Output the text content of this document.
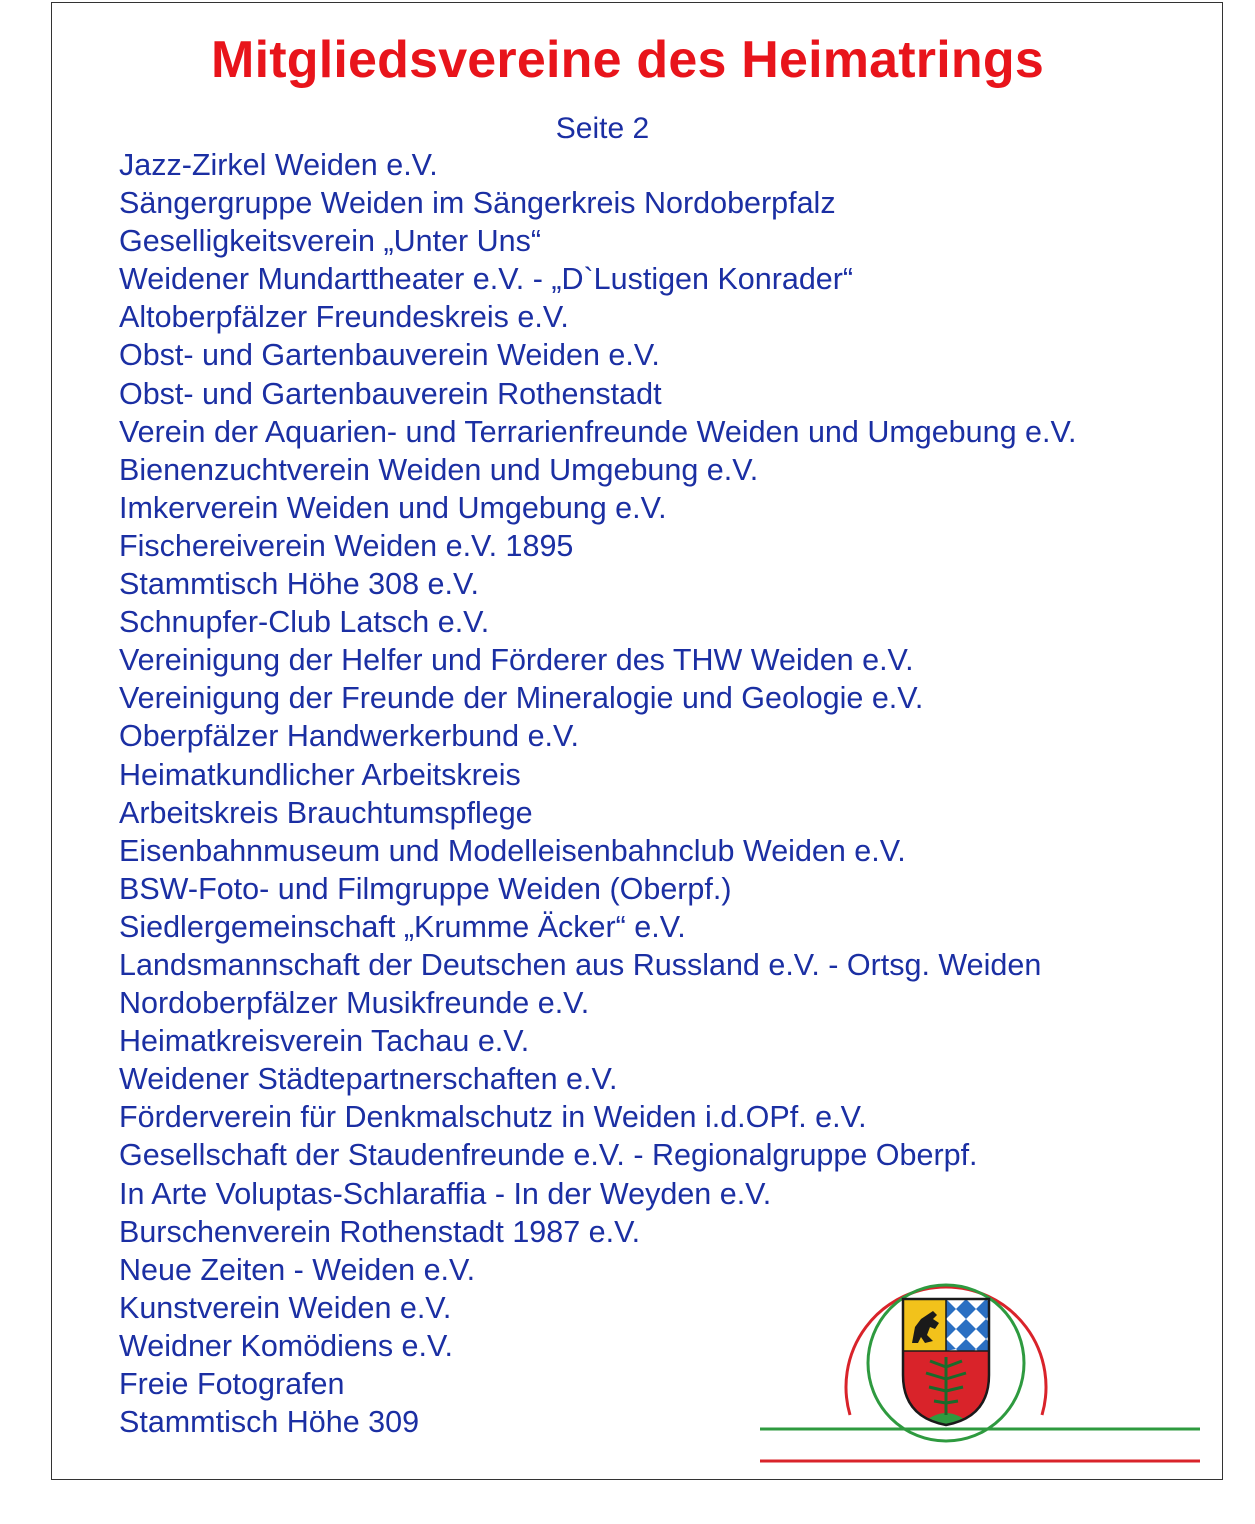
Mitgliedsvereine des Heimatrings
Seite 2
Jazz-Zirkel Weiden e.V.
Sängergruppe Weiden im Sängerkreis Nordoberpfalz
Geselligkeitsverein „Unter Uns“
Weidener Mundarttheater e.V. - „D`Lustigen Konrader“
Altoberpfälzer Freundeskreis e.V.
Obst- und Gartenbauverein Weiden e.V.
Obst- und Gartenbauverein Rothenstadt
Verein der Aquarien- und Terrarienfreunde Weiden und Umgebung e.V.
Bienenzuchtverein Weiden und Umgebung e.V.
Imkerverein Weiden und Umgebung e.V.
Fischereiverein Weiden e.V. 1895
Stammtisch Höhe 308 e.V.
Schnupfer-Club Latsch e.V.
Vereinigung der Helfer und Förderer des THW Weiden e.V.
Vereinigung der Freunde der Mineralogie und Geologie e.V.
Oberpfälzer Handwerkerbund e.V.
Heimatkundlicher Arbeitskreis
Arbeitskreis Brauchtumspflege
Eisenbahnmuseum und Modelleisenbahnclub Weiden e.V.
BSW-Foto- und Filmgruppe Weiden (Oberpf.)
Siedlergemeinschaft „Krumme Äcker“ e.V.
Landsmannschaft der Deutschen aus Russland e.V. - Ortsg. Weiden
Nordoberpfälzer Musikfreunde e.V.
Heimatkreisverein Tachau e.V.
Weidener Städtepartnerschaften e.V.
Förderverein für Denkmalschutz in Weiden i.d.OPf. e.V.
Gesellschaft der Staudenfreunde e.V. - Regionalgruppe Oberpf.
In Arte Voluptas-Schlaraffia - In der Weyden e.V.
Burschenverein Rothenstadt 1987 e.V.
Neue Zeiten - Weiden e.V.
Kunstverein Weiden e.V.
Weidner Komödiens e.V.
Freie Fotografen
Stammtisch Höhe 309
